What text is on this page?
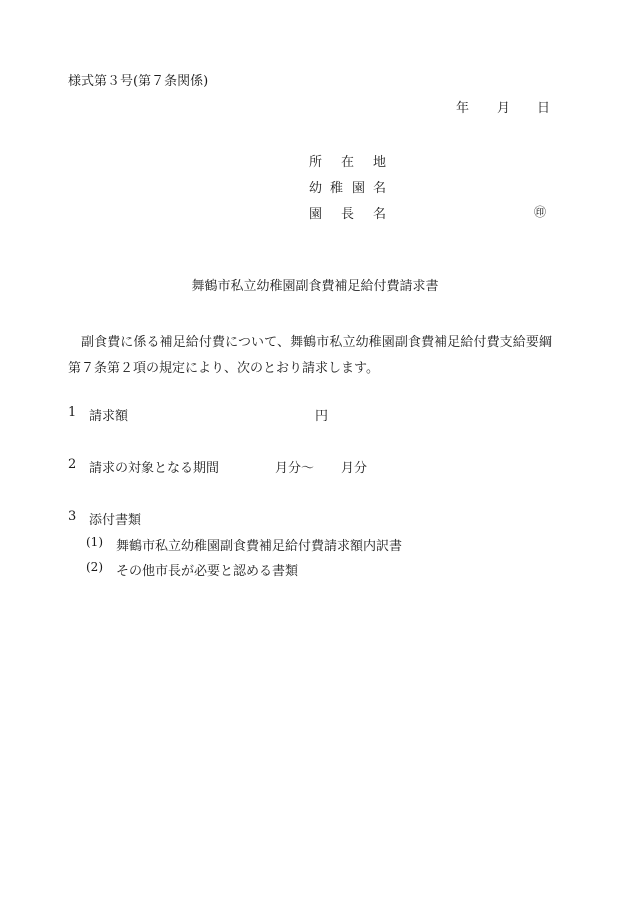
様式第３号(第７条関係)
年 月 日
所 在 地
幼 稚 園 名
園 長 名	㊞
舞鶴市私立幼稚園副食費補足給付費請求書
副食費に係る補足給付費について、舞鶴市私立幼稚園副食費補足給付費支給要綱
第７条第２項の規定により、次のとおり請求します。
1 請求額	円
2 請求の対象となる期間	月分～ 月分
3 添付書類
(1) 舞鶴市私立幼稚園副食費補足給付費請求額内訳書
(2) その他市長が必要と認める書類
